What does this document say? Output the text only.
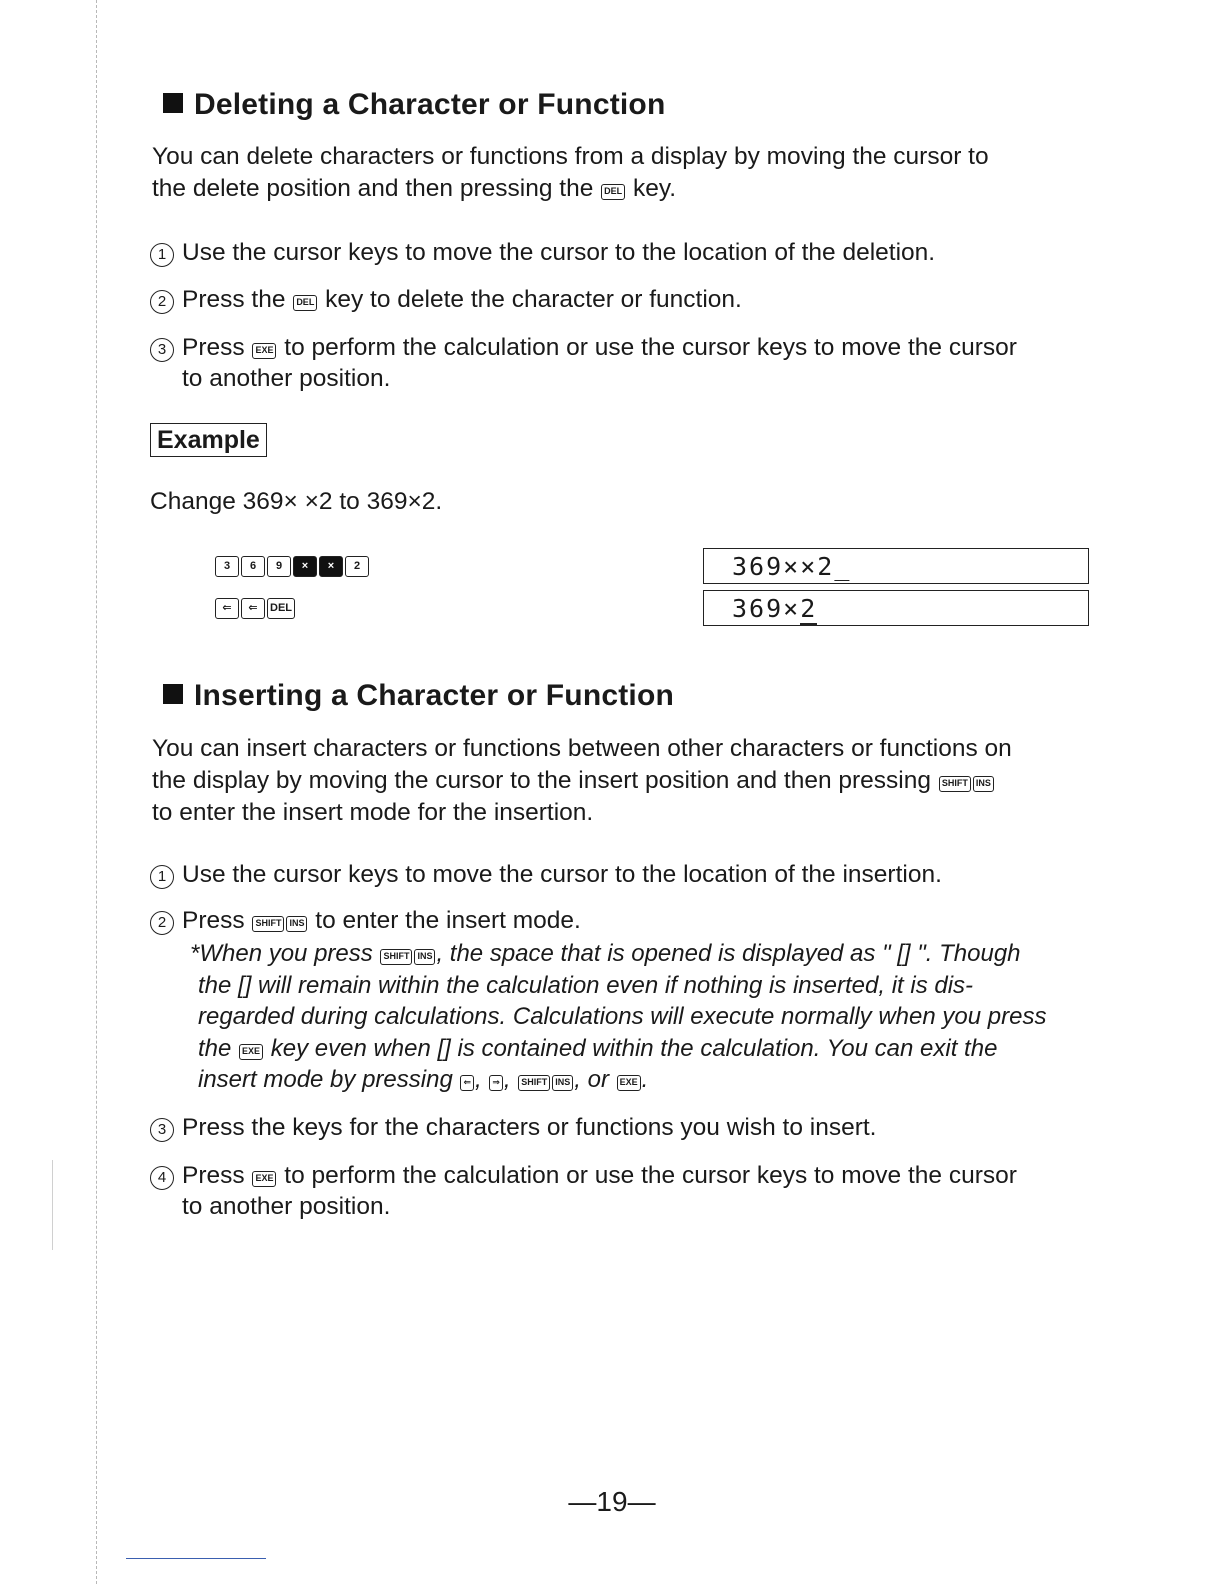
Deleting a Character or Function
You can delete characters or functions from a display by moving the cursor to
the delete position and then pressing the DEL key.
1 Use the cursor keys to move the cursor to the location of the deletion.
2 Press the DEL key to delete the character or function.
3 Press EXE to perform the calculation or use the cursor keys to move the cursor
to another position.
Example
Change 369× ×2 to 369×2.
3	6	9	×	×	2
⇐	⇐	DEL
369××2_
369×2
Inserting a Character or Function
You can insert characters or functions between other characters or functions on
the display by moving the cursor to the insert position and then pressing SHIFT INS
to enter the insert mode for the insertion.
1 Use the cursor keys to move the cursor to the location of the insertion.
2 Press SHIFT INS to enter the insert mode.
*When you press SHIFT INS , the space that is opened is displayed as " [] ". Though
the [] will remain within the calculation even if nothing is inserted, it is dis-
regarded during calculations. Calculations will execute normally when you press
the EXE key even when [] is contained within the calculation. You can exit the
insert mode by pressing ⇐ , ⇒ , SHIFT INS , or EXE .
3 Press the keys for the characters or functions you wish to insert.
4 Press EXE to perform the calculation or use the cursor keys to move the cursor
to another position.
—19—
